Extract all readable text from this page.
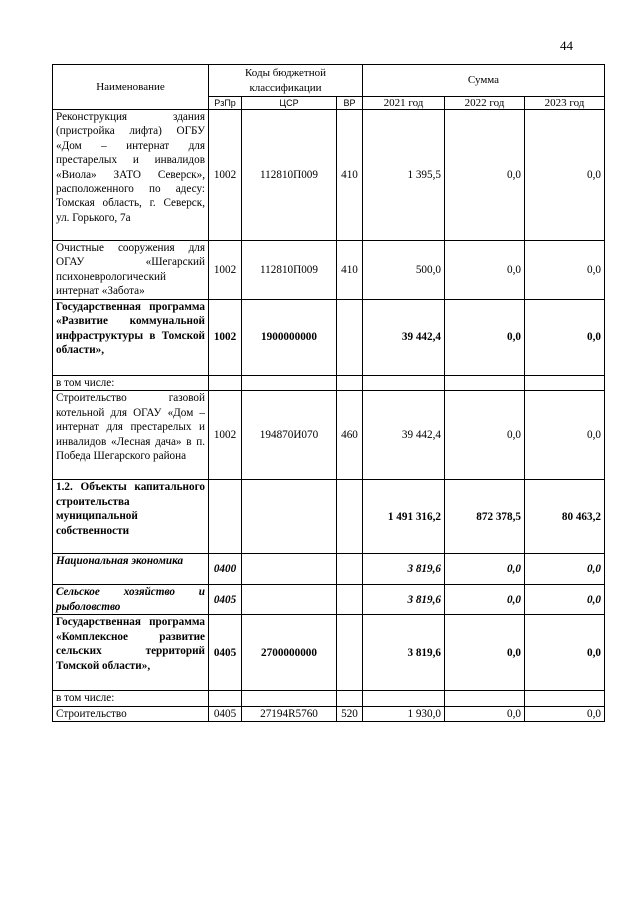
44
Наименование	Коды бюджетной классификации			Сумма		
	РзПр	ЦСР	ВР	2021 год	2022 год	2023 год
Реконструкция здания (пристройка лифта) ОГБУ «Дом – интернат для престарелых и инвалидов «Виола» ЗАТО Северск», расположенного по адесу: Томская область, г. Северск, ул. Горького, 7а	1002	112810П009	410	1 395,5	0,0	0,0
Очистные сооружения для ОГАУ «Шегарский психоневрологический интернат «Забота»	1002	112810П009	410	500,0	0,0	0,0
Государственная программа «Развитие коммунальной инфраструктуры в Томской области»,	1002	1900000000		39 442,4	0,0	0,0
в том числе:						
Строительство газовой котельной для ОГАУ «Дом – интернат для престарелых и инвалидов «Лесная дача» в п. Победа Шегарского района	1002	194870И070	460	39 442,4	0,0	0,0
1.2. Объекты капитального строительства муниципальной собственности				1 491 316,2	872 378,5	80 463,2
Национальная экономика	0400			3 819,6	0,0	0,0
Сельское хозяйство и рыболовство	0405			3 819,6	0,0	0,0
Государственная программа «Комплексное развитие сельских территорий Томской области»,	0405	2700000000		3 819,6	0,0	0,0
в том числе:						
Строительство	0405	27194R5760	520	1 930,0	0,0	0,0
